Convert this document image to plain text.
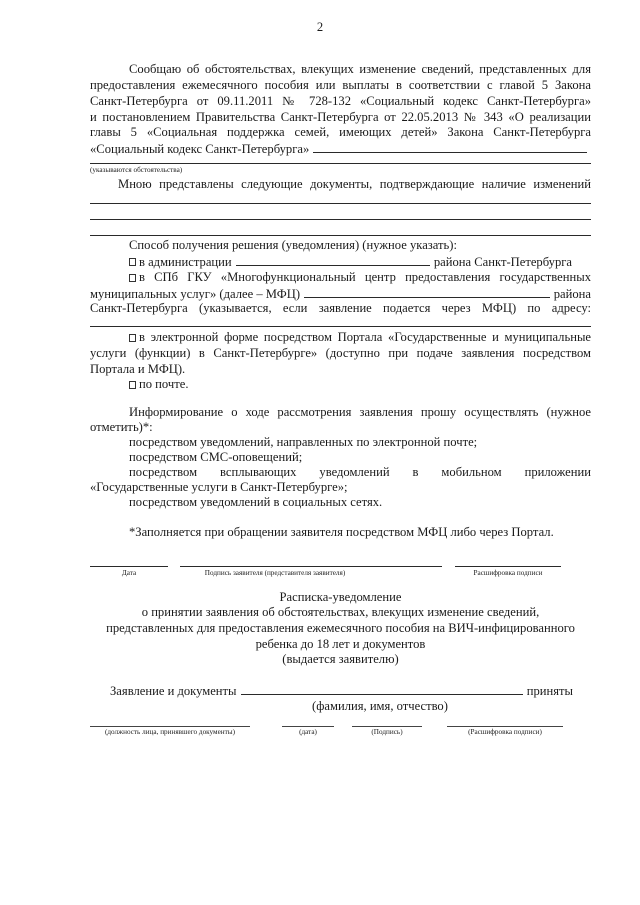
2
Сообщаю об обстоятельствах, влекущих изменение сведений, представленных для
предоставления ежемесячного пособия или выплаты в соответствии с главой 5 Закона
Санкт-Петербурга от 09.11.2011 № 728-132 «Социальный кодекс Санкт-Петербурга»
и постановлением Правительства Санкт-Петербурга от 22.05.2013 № 343 «О реализации
главы 5 «Социальная поддержка семей, имеющих детей» Закона Санкт-Петербурга
«Социальный кодекс Санкт-Петербурга»
(указываются обстоятельства)
Мною представлены следующие документы, подтверждающие наличие изменений
Способ получения решения (уведомления) (нужное указать):
в администрации	района Санкт-Петербурга
в СПб ГКУ «Многофункциональный центр предоставления государственных
муниципальных услуг» (далее – МФЦ)	района
Санкт-Петербурга (указывается, если заявление подается через МФЦ) по адресу:
в электронной форме посредством Портала «Государственные и муниципальные
услуги (функции) в Санкт-Петербурге» (доступно при подаче заявления посредством
Портала и МФЦ).
по почте.
Информирование о ходе рассмотрения заявления прошу осуществлять (нужное
отметить)*:
посредством уведомлений, направленных по электронной почте;
посредством СМС-оповещений;
посредством всплывающих уведомлений в мобильном приложении
«Государственные услуги в Санкт-Петербурге»;
посредством уведомлений в социальных сетях.
*Заполняется при обращении заявителя посредством МФЦ либо через Портал.
Дата	Подпись заявителя (представителя заявителя)	Расшифровка подписи
Расписка-уведомление
о принятии заявления об обстоятельствах, влекущих изменение сведений,
представленных для предоставления ежемесячного пособия на ВИЧ-инфицированного
ребенка до 18 лет и документов
(выдается заявителю)
Заявление и документы	приняты
(фамилия, имя, отчество)
(должность лица, принявшего документы)	(дата)	(Подпись)	(Расшифровка подписи)
